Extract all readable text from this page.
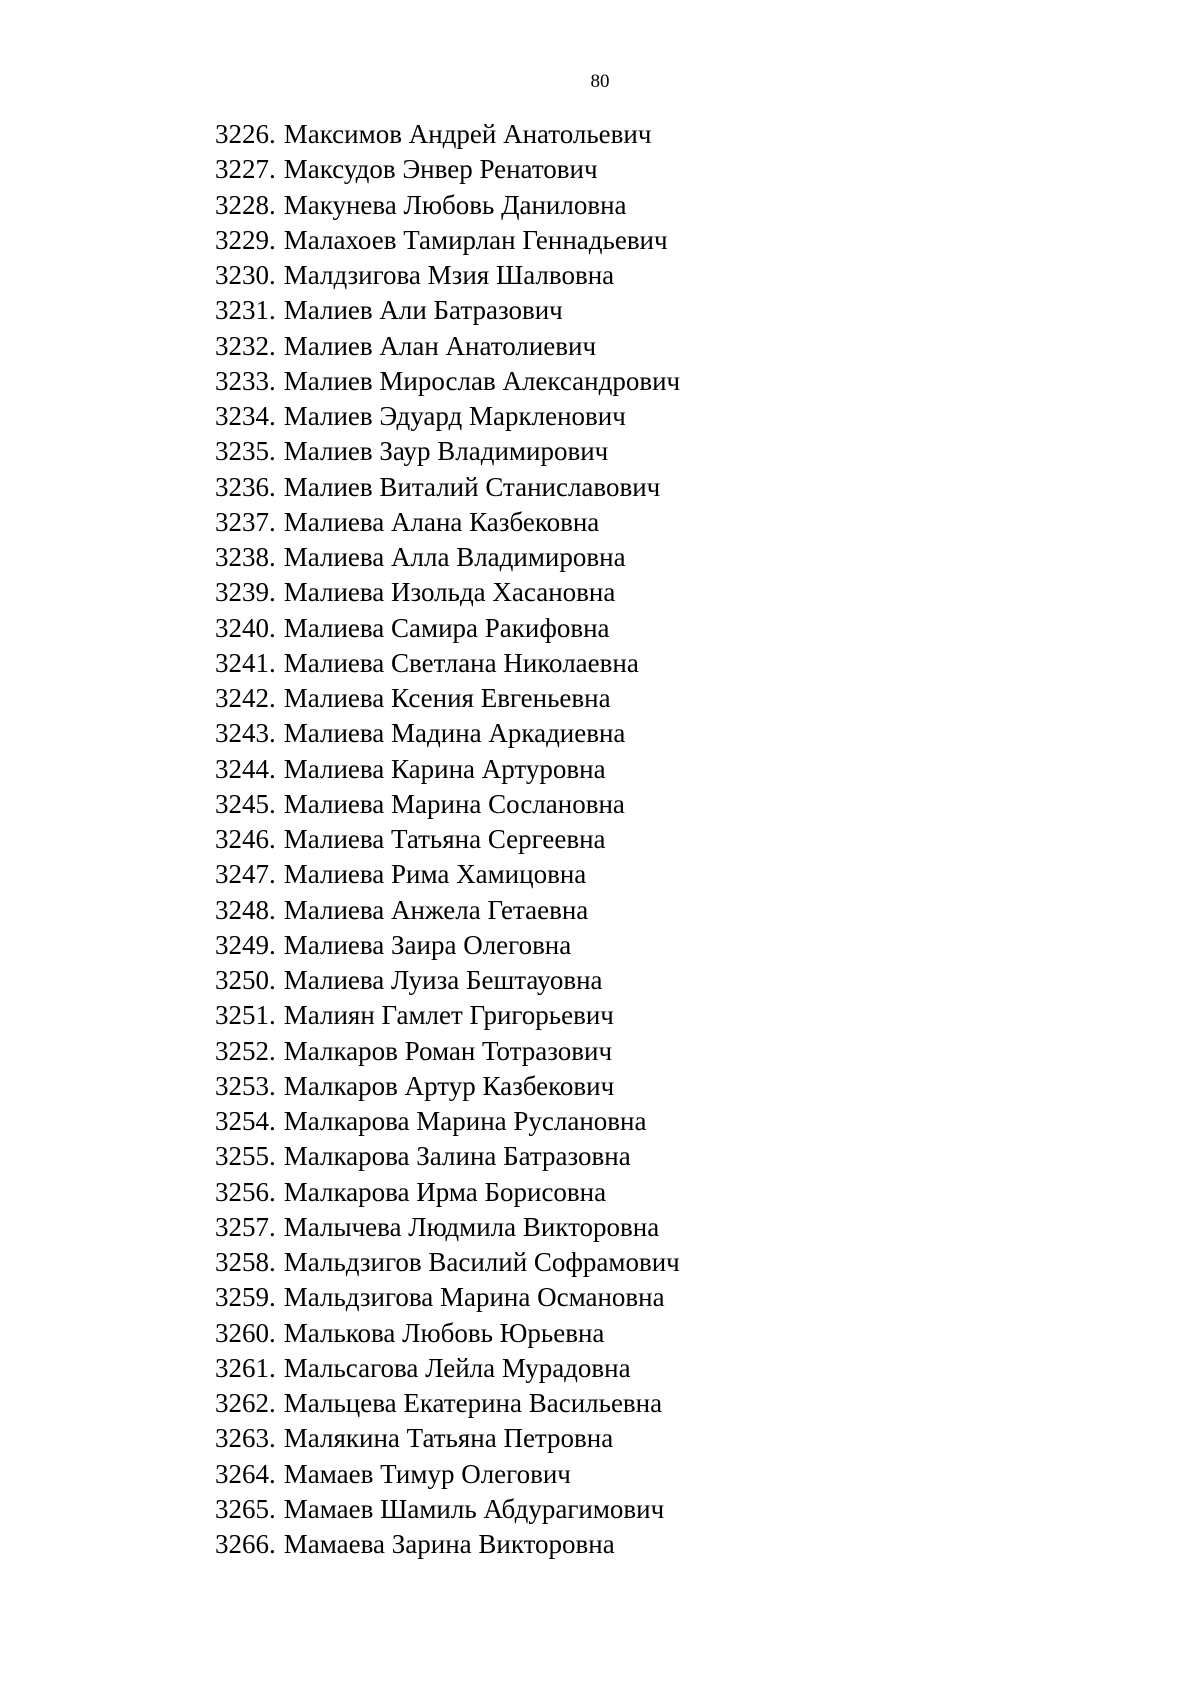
80
3226. Максимов Андрей Анатольевич
3227. Максудов Энвер Ренатович
3228. Макунева Любовь Даниловна
3229. Малахоев Тамирлан Геннадьевич
3230. Малдзигова Мзия Шалвовна
3231. Малиев Али Батразович
3232. Малиев Алан Анатолиевич
3233. Малиев Мирослав Александрович
3234. Малиев Эдуард Маркленович
3235. Малиев Заур Владимирович
3236. Малиев Виталий Станиславович
3237. Малиева Алана Казбековна
3238. Малиева Алла Владимировна
3239. Малиева Изольда Хасановна
3240. Малиева Самира Ракифовна
3241. Малиева Светлана Николаевна
3242. Малиева Ксения Евгеньевна
3243. Малиева Мадина Аркадиевна
3244. Малиева Карина Артуровна
3245. Малиева Марина Сослановна
3246. Малиева Татьяна Сергеевна
3247. Малиева Рима Хамицовна
3248. Малиева Анжела Гетаевна
3249. Малиева Заира Олеговна
3250. Малиева Луиза Бештауовна
3251. Малиян Гамлет Григорьевич
3252. Малкаров Роман Тотразович
3253. Малкаров Артур Казбекович
3254. Малкарова Марина Руслановна
3255. Малкарова Залина Батразовна
3256. Малкарова Ирма Борисовна
3257. Малычева Людмила Викторовна
3258. Мальдзигов Василий Софрамович
3259. Мальдзигова Марина Османовна
3260. Малькова Любовь Юрьевна
3261. Мальсагова Лейла Мурадовна
3262. Мальцева Екатерина Васильевна
3263. Малякина Татьяна Петровна
3264. Мамаев Тимур Олегович
3265. Мамаев Шамиль Абдурагимович
3266. Мамаева Зарина Викторовна
